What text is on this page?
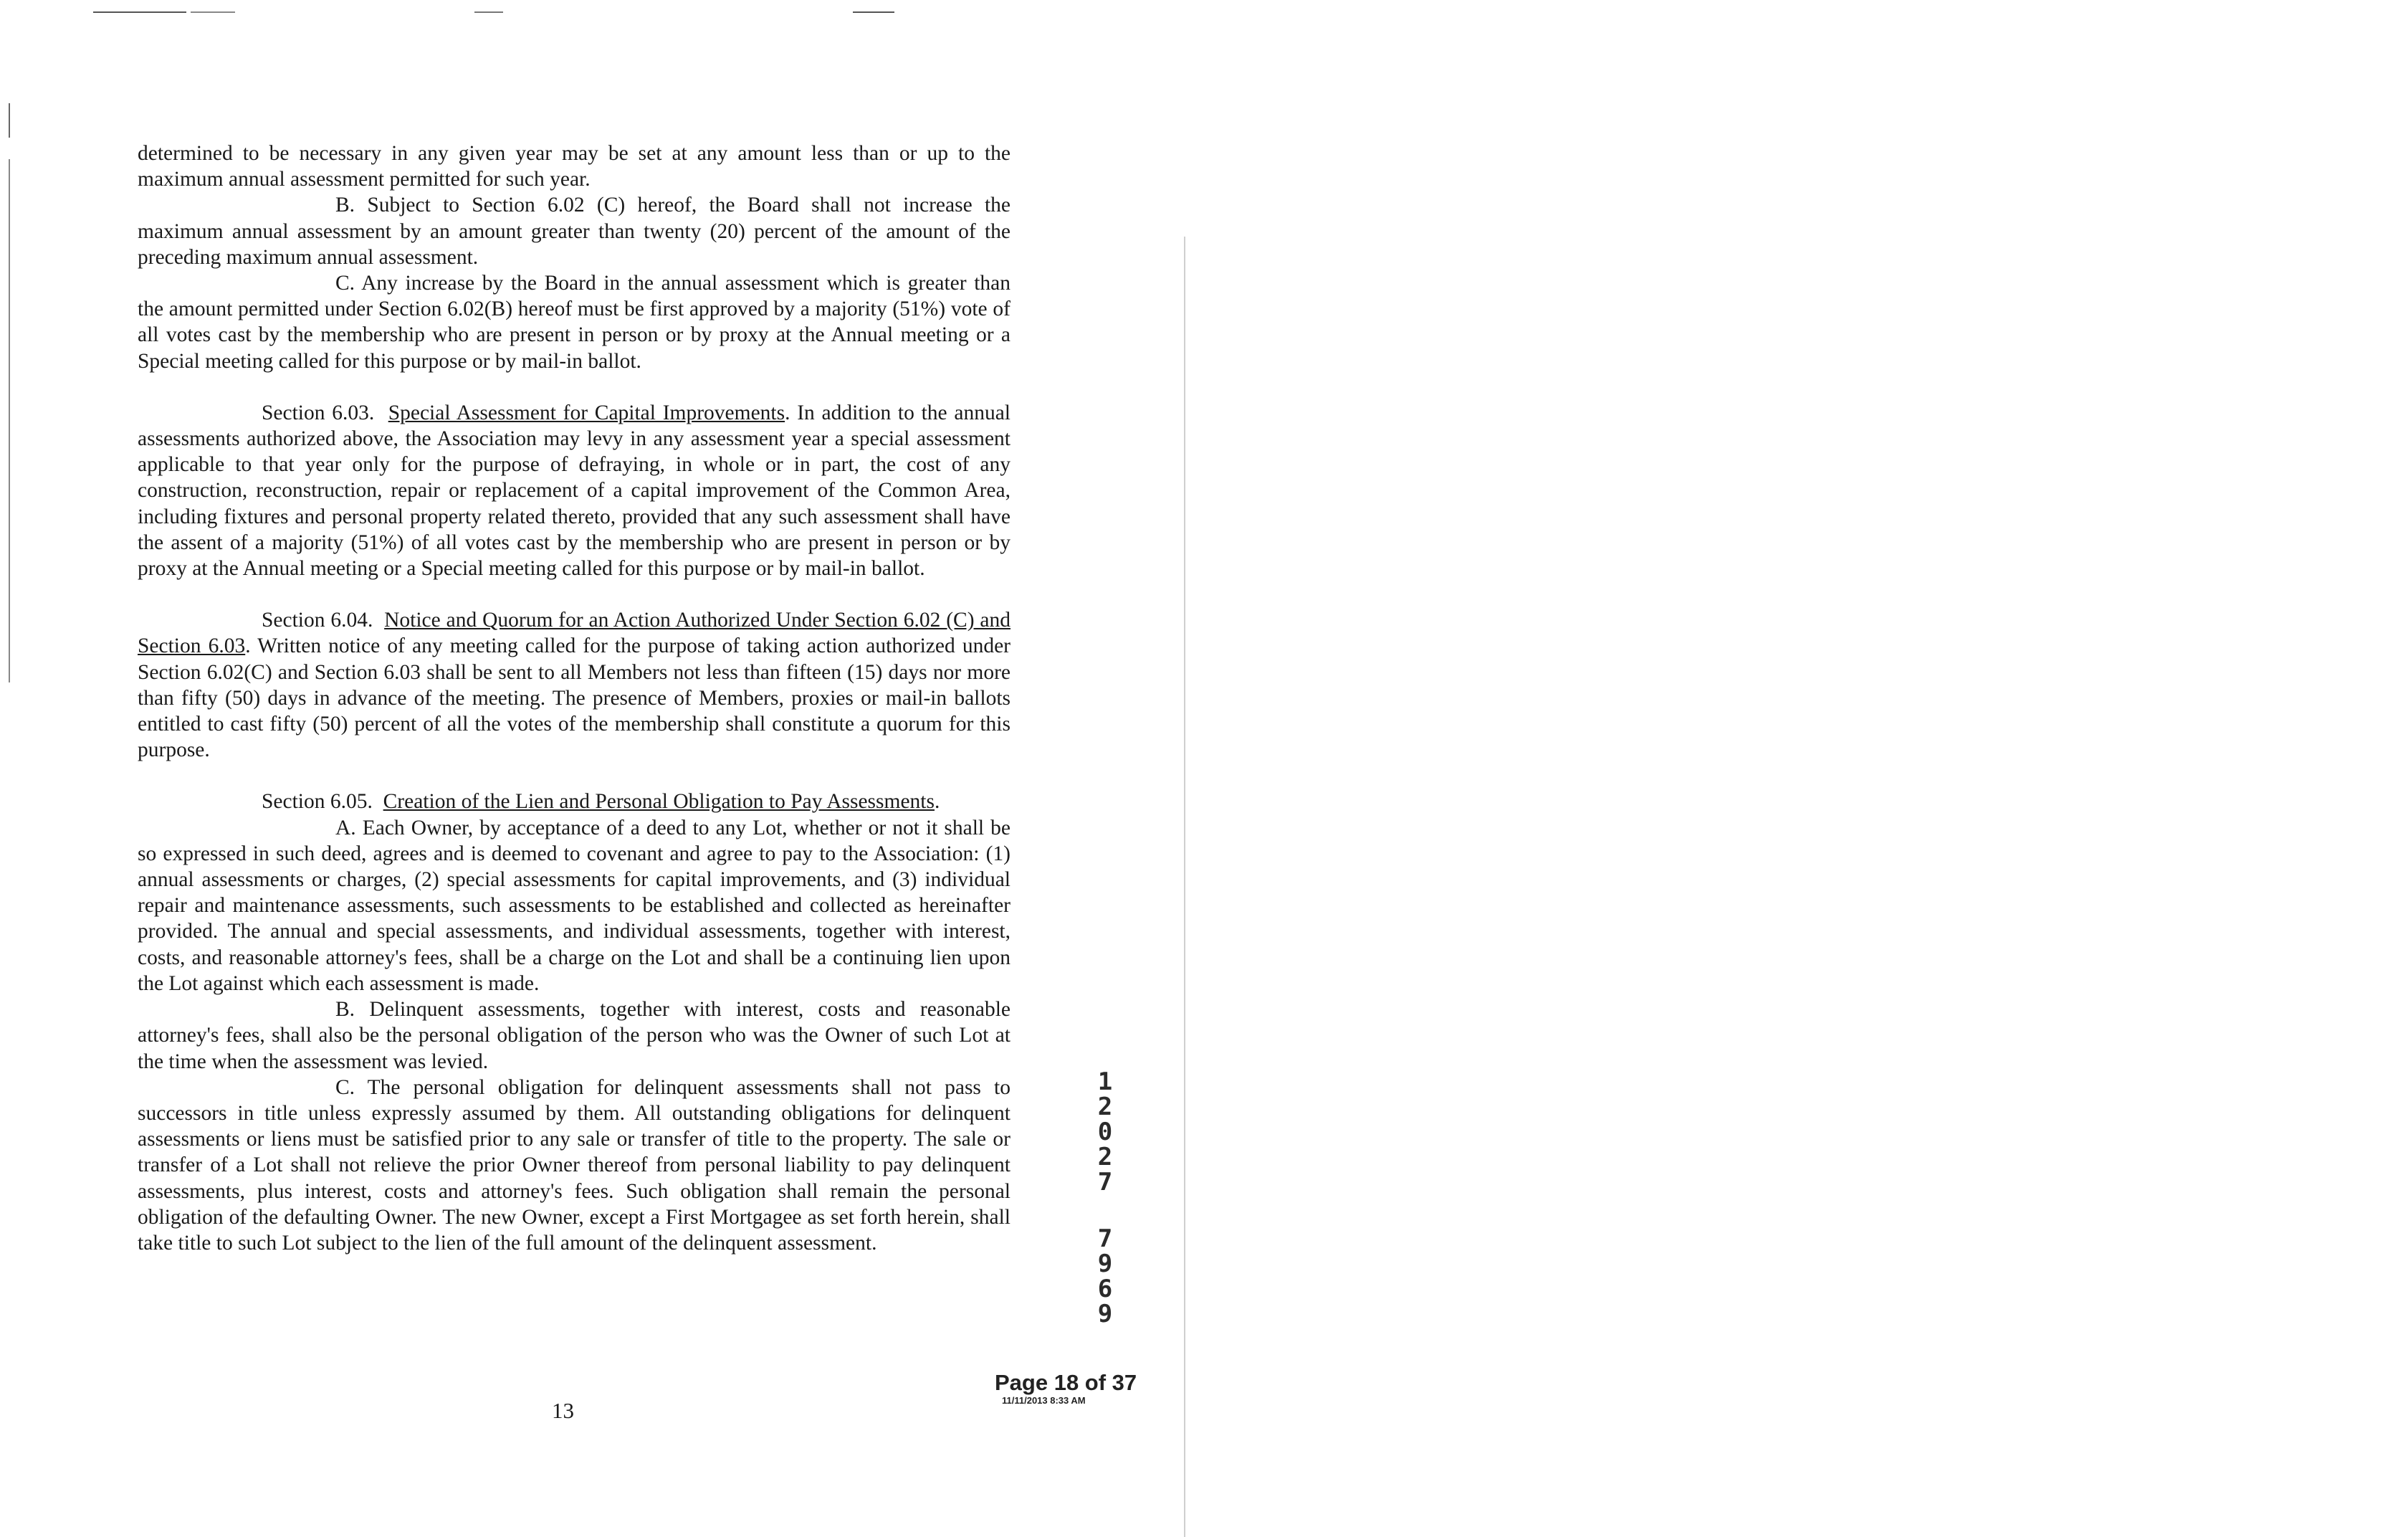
determined to be necessary in any given year may be set at any amount less than or up to the maximum annual assessment permitted for such year.

B. Subject to Section 6.02 (C) hereof, the Board shall not increase the maximum annual assessment by an amount greater than twenty (20) percent of the amount of the preceding maximum annual assessment.

C. Any increase by the Board in the annual assessment which is greater than the amount permitted under Section 6.02(B) hereof must be first approved by a majority (51%) vote of all votes cast by the membership who are present in person or by proxy at the Annual meeting or a Special meeting called for this purpose or by mail-in ballot.

Section 6.03. Special Assessment for Capital Improvements. In addition to the annual assessments authorized above, the Association may levy in any assessment year a special assessment applicable to that year only for the purpose of defraying, in whole or in part, the cost of any construction, reconstruction, repair or replacement of a capital improvement of the Common Area, including fixtures and personal property related thereto, provided that any such assessment shall have the assent of a majority (51%) of all votes cast by the membership who are present in person or by proxy at the Annual meeting or a Special meeting called for this purpose or by mail-in ballot.

Section 6.04. Notice and Quorum for an Action Authorized Under Section 6.02 (C) and Section 6.03. Written notice of any meeting called for the purpose of taking action authorized under Section 6.02(C) and Section 6.03 shall be sent to all Members not less than fifteen (15) days nor more than fifty (50) days in advance of the meeting. The presence of Members, proxies or mail-in ballots entitled to cast fifty (50) percent of all the votes of the membership shall constitute a quorum for this purpose.

Section 6.05. Creation of the Lien and Personal Obligation to Pay Assessments.

A. Each Owner, by acceptance of a deed to any Lot, whether or not it shall be so expressed in such deed, agrees and is deemed to covenant and agree to pay to the Association: (1) annual assessments or charges, (2) special assessments for capital improvements, and (3) individual repair and maintenance assessments, such assessments to be established and collected as hereinafter provided. The annual and special assessments, and individual assessments, together with interest, costs, and reasonable attorney's fees, shall be a charge on the Lot and shall be a continuing lien upon the Lot against which each assessment is made.

B. Delinquent assessments, together with interest, costs and reasonable attorney's fees, shall also be the personal obligation of the person who was the Owner of such Lot at the time when the assessment was levied.

C. The personal obligation for delinquent assessments shall not pass to successors in title unless expressly assumed by them. All outstanding obligations for delinquent assessments or liens must be satisfied prior to any sale or transfer of title to the property. The sale or transfer of a Lot shall not relieve the prior Owner thereof from personal liability to pay delinquent assessments, plus interest, costs and attorney's fees. Such obligation shall remain the personal obligation of the defaulting Owner. The new Owner, except a First Mortgagee as set forth herein, shall take title to such Lot subject to the lien of the full amount of the delinquent assessment.

1
2
0
2
7
7
9
6
9
Page 18 of 37
11/11/2013 8:33 AM
13
